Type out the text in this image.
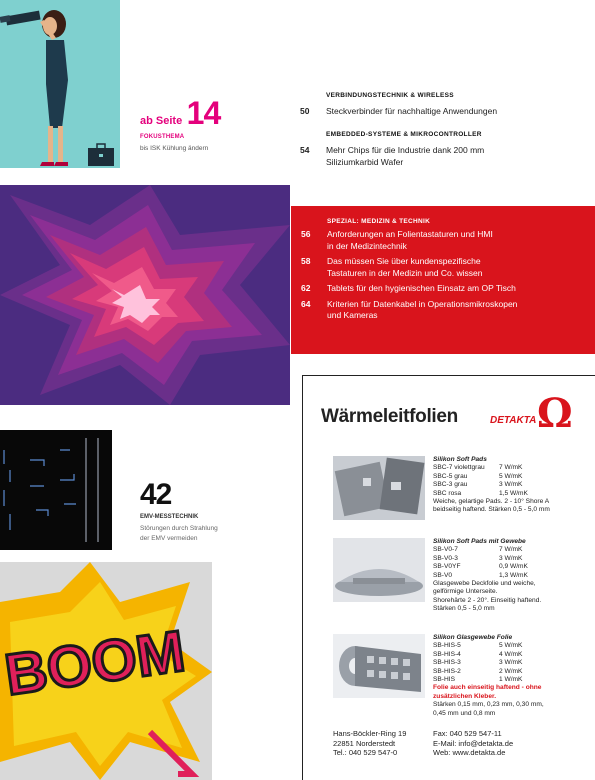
ab Seite 14
FOKUSTHEMA
bis ISK Kühlung ändern
42
EMV-MESSTECHNIK
Störungen durch Strahlung
der EMV vermeiden
BOOM
VERBINDUNGSTECHNIK & WIRELESS
50	Steckverbinder für nachhaltige Anwendungen
EMBEDDED-SYSTEME & MIKROCONTROLLER
54	Mehr Chips für die Industrie dank 200 mm
Siliziumkarbid Wafer
SPEZIAL: MEDIZIN & TECHNIK
56	Anforderungen an Folientastaturen und HMI
in der Medizintechnik
58	Das müssen Sie über kundenspezifische
Tastaturen in der Medizin und Co. wissen
62	Tablets für den hygienischen Einsatz am OP Tisch
64	Kriterien für Datenkabel in Operationsmikroskopen
und Kameras
Wärmeleitfolien	DETAKTA Ω
Silikon Soft Pads
SBC-7 violettgrau	7 W/mK
SBC-5 grau	5 W/mK
SBC-3 grau	3 W/mK
SBC rosa	1,5 W/mK
Weiche, gelartige Pads. 2 - 10° Shore A
beidseitig haftend. Stärken 0,5 - 5,0 mm
Silikon Soft Pads mit Gewebe
SB-V0-7	7 W/mK
SB-V0-3	3 W/mK
SB-V0YF	0,9 W/mK
SB-V0	1,3 W/mK
Glasgewebe Deckfolie und weiche,
gelförmige Unterseite.
Shorehärte 2 - 20°. Einseitig haftend.
Stärken 0,5 - 5,0 mm
Silikon Glasgewebe Folie
SB-HIS-5	5 W/mK
SB-HIS-4	4 W/mK
SB-HIS-3	3 W/mK
SB-HIS-2	2 W/mK
SB-HIS	1 W/mK
Folie auch einseitig haftend - ohne
zusätzlichen Kleber.
Stärken 0,15 mm, 0,23 mm, 0,30 mm,
0,45 mm und 0,8 mm
Hans-Böckler-Ring 19
22851 Norderstedt
Tel.: 040 529 547-0
Fax: 040 529 547-11
E-Mail: info@detakta.de
Web: www.detakta.de
